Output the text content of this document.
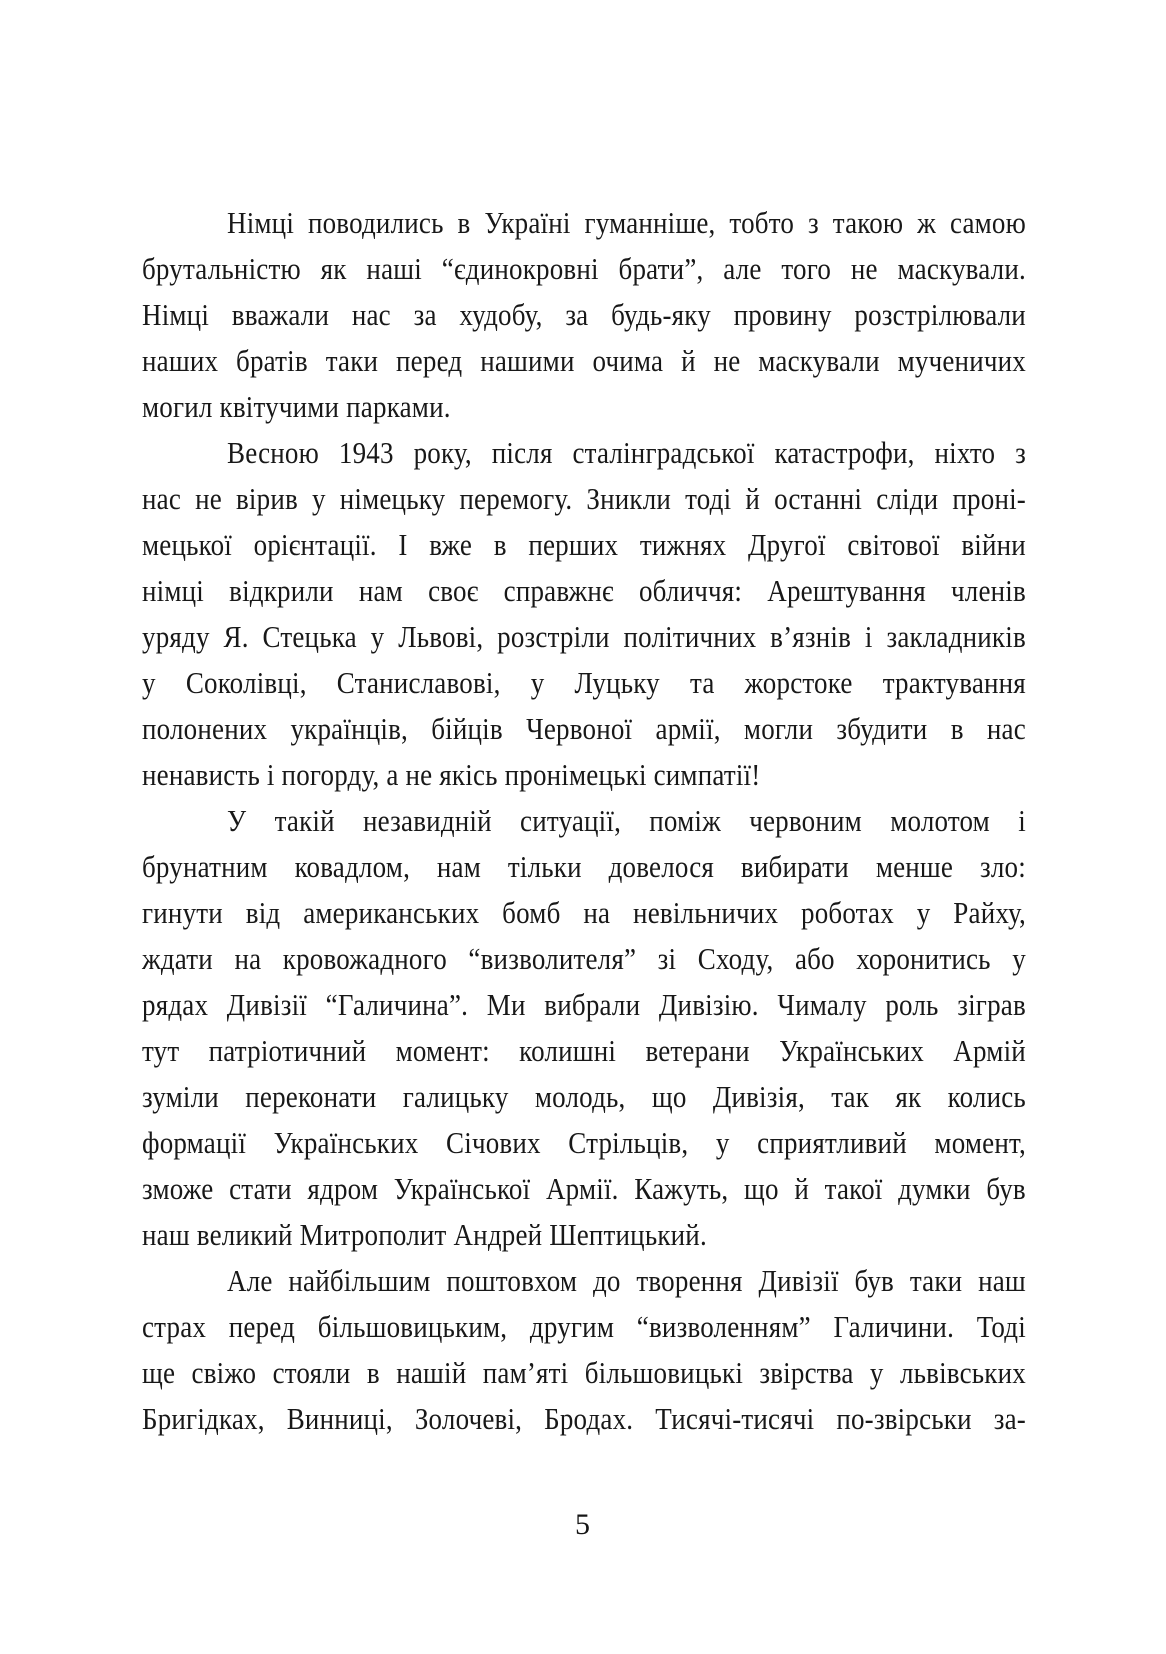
Німці поводились в Україні гуманніше, тобто з такою ж самою
брутальністю як наші “єдинокровні брати”, але того не маскували.
Німці вважали нас за худобу, за будь-яку провину розстрілювали
наших братів таки перед нашими очима й не маскували мученичих
могил квітучими парками.
Весною 1943 року, після сталінградської катастрофи, ніхто з
нас не вірив у німецьку перемогу. Зникли тоді й останні сліди проні-
мецької орієнтації. І вже в перших тижнях Другої світової війни
німці відкрили нам своє справжнє обличчя: Арештування членів
уряду Я. Стецька у Львові, розстріли політичних в’язнів і закладників
у Соколівці, Станиславові, у Луцьку та жорстоке трактування
полонених українців, бійців Червоної армії, могли збудити в нас
ненависть і погорду, а не якісь пронімецькі симпатії!
У такій незавидній ситуації, поміж червоним молотом і
брунатним ковадлом, нам тільки довелося вибирати менше зло:
гинути від американських бомб на невільничих роботах у Райху,
ждати на кровожадного “визволителя” зі Сходу, або хоронитись у
рядах Дивізії “Галичина”. Ми вибрали Дивізію. Чималу роль зіграв
тут патріотичний момент: колишні ветерани Українських Армій
зуміли переконати галицьку молодь, що Дивізія, так як колись
формації Українських Січових Стрільців, у сприятливий момент,
зможе стати ядром Української Армії. Кажуть, що й такої думки був
наш великий Митрополит Андрей Шептицький.
Але найбільшим поштовхом до творення Дивізії був таки наш
страх перед більшовицьким, другим “визволенням” Галичини. Тоді
ще свіжо стояли в нашій пам’яті більшовицькі звірства у львівських
Бригідках, Винниці, Золочеві, Бродах. Тисячі-тисячі по-звірськи за-
5
